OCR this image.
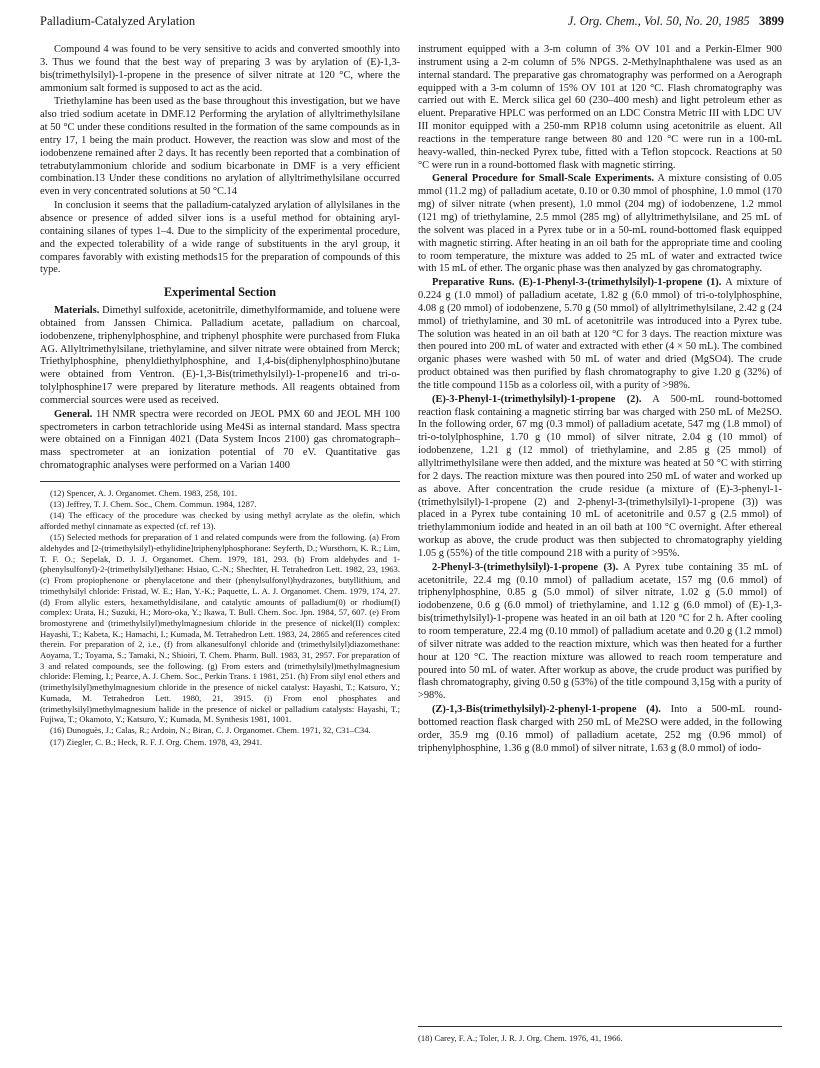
Palladium-Catalyzed Arylation	J. Org. Chem., Vol. 50, No. 20, 1985 3899

Compound 4 was found to be very sensitive to acids and converted smoothly into 3. Thus we found that the best way of preparing 3 was by arylation of (E)-1,3-bis(trimethylsilyl)-1-propene in the presence of silver nitrate at 120 °C, where the ammonium salt formed is supposed to act as the acid.

Triethylamine has been used as the base throughout this investigation, but we have also tried sodium acetate in DMF.12 Performing the arylation of allyltrimethylsilane at 50 °C under these conditions resulted in the formation of the same compounds as in entry 17, 1 being the main product. However, the reaction was slow and most of the iodobenzene remained after 2 days. It has recently been reported that a combination of tetrabutylammonium chloride and sodium bicarbonate in DMF is a very efficient combination.13 Under these conditions no arylation of allyltrimethylsilane occurred even in very concentrated solutions at 50 °C.14

In conclusion it seems that the palladium-catalyzed arylation of allylsilanes in the absence or presence of added silver ions is a useful method for obtaining aryl-containing silanes of types 1–4. Due to the simplicity of the experimental procedure, and the expected tolerability of a wide range of substituents in the aryl group, it compares favorably with existing methods15 for the preparation of compounds of this type.

Experimental Section

Materials. Dimethyl sulfoxide, acetonitrile, dimethylformamide, and toluene were obtained from Janssen Chimica. Palladium acetate, palladium on charcoal, iodobenzene, triphenylphosphine, and triphenyl phosphite were purchased from Fluka AG. Allyltrimethylsilane, triethylamine, and silver nitrate were obtained from Merck; Triethylphosphine, phenyldiethylphosphine, and 1,4-bis(diphenylphosphino)butane were obtained from Ventron. (E)-1,3-Bis(trimethylsilyl)-1-propene16 and tri-o-tolylphosphine17 were prepared by literature methods. All reagents obtained from commercial sources were used as received.

General. 1H NMR spectra were recorded on JEOL PMX 60 and JEOL MH 100 spectrometers in carbon tetrachloride using Me4Si as internal standard. Mass spectra were obtained on a Finnigan 4021 (Data System Incos 2100) gas chromatograph–mass spectrometer at an ionization potential of 70 eV. Quantitative gas chromatographic analyses were performed on a Varian 1400

(12) Spencer, A. J. Organomet. Chem. 1983, 258, 101.

(13) Jeffrey, T. J. Chem. Soc., Chem. Commun. 1984, 1287.

(14) The efficacy of the procedure was checked by using methyl acrylate as the olefin, which afforded methyl cinnamate as expected (cf. ref 13).

(15) Selected methods for preparation of 1 and related compunds were from the following. (a) From aldehydes and [2-(trimethylsilyl)-ethylidine]triphenylphosphorane: Seyferth, D.; Wursthorn, K. R.; Lim, T. F. O.; Sepelak, D. J. J. Organomet. Chem. 1979, 181, 293. (b) From aldehydes and 1-(phenylsulfonyl)-2-(trimethylsilyl)ethane: Hsiao, C.-N.; Shechter, H. Tetrahedron Lett. 1982, 23, 1963. (c) From propiophenone or phenylacetone and their (phenylsulfonyl)hydrazones, butyllithium, and trimethylsilyl chloride: Fristad, W. E.; Han, Y.-K.; Paquette, L. A. J. Organomet. Chem. 1979, 174, 27. (d) From allylic esters, hexamethyldisilane, and catalytic amounts of palladium(0) or rhodium(I) complex: Urata, H.; Suzuki, H.; Moro-oka, Y.; Ikawa, T. Bull. Chem. Soc. Jpn. 1984, 57, 607. (e) From bromostyrene and (trimethylsilyl)methylmagnesium chloride in the presence of nickel(II) complex: Hayashi, T.; Kabeta, K.; Hamachi, I.; Kumada, M. Tetrahedron Lett. 1983, 24, 2865 and references cited therein. For preparation of 2, i.e., (f) from alkanesulfonyl chloride and (trimethylsilyl)diazomethane: Aoyama, T.; Toyama, S.; Tamaki, N.; Shioiri, T. Chem. Pharm. Bull. 1983, 31, 2957. For preparation of 3 and related compounds, see the following. (g) From esters and (trimethylsilyl)methylmagnesium chloride: Fleming, I.; Pearce, A. J. Chem. Soc., Perkin Trans. 1 1981, 251. (h) From silyl enol ethers and (trimethylsilyl)methylmagnesium chloride in the presence of nickel catalyst: Hayashi, T.; Katsuro, Y.; Kumada, M. Tetrahedron Lett. 1980, 21, 3915. (i) From enol phosphates and (trimethylsilyl)methylmagnesium halide in the presence of nickel or palladium catalysts: Hayashi, T.; Fujiwa, T.; Okamoto, Y.; Katsuro, Y.; Kumada, M. Synthesis 1981, 1001.

(16) Dunoguès, J.; Calas, R.; Ardoin, N.; Biran, C. J. Organomet. Chem. 1971, 32, C31–C34.

(17) Ziegler, C. B.; Heck, R. F. J. Org. Chem. 1978, 43, 2941.

instrument equipped with a 3-m column of 3% OV 101 and a Perkin-Elmer 900 instrument using a 2-m column of 5% NPGS. 2-Methylnaphthalene was used as an internal standard. The preparative gas chromatography was performed on a Aerograph equipped with a 3-m column of 15% OV 101 at 120 °C. Flash chromatography was carried out with E. Merck silica gel 60 (230–400 mesh) and light petroleum ether as eluent. Preparative HPLC was performed on an LDC Constra Metric III with LDC UV III monitor equipped with a 250-mm RP18 column using acetonitrile as eluent. All reactions in the temperature range between 80 and 120 °C were run in a 100-mL heavy-walled, thin-necked Pyrex tube, fitted with a Teflon stopcock. Reactions at 50 °C were run in a round-bottomed flask with magnetic stirring.

General Procedure for Small-Scale Experiments. A mixture consisting of 0.05 mmol (11.2 mg) of palladium acetate, 0.10 or 0.30 mmol of phosphine, 1.0 mmol (170 mg) of silver nitrate (when present), 1.0 mmol (204 mg) of iodobenzene, 1.2 mmol (121 mg) of triethylamine, 2.5 mmol (285 mg) of allyltrimethylsilane, and 25 mL of the solvent was placed in a Pyrex tube or in a 50-mL round-bottomed flask equipped with magnetic stirring. After heating in an oil bath for the appropriate time and cooling to room temperature, the mixture was added to 25 mL of water and extracted twice with 15 mL of ether. The organic phase was then analyzed by gas chromatography.

Preparative Runs. (E)-1-Phenyl-3-(trimethylsilyl)-1-propene (1). A mixture of 0.224 g (1.0 mmol) of palladium acetate, 1.82 g (6.0 mmol) of tri-o-tolylphosphine, 4.08 g (20 mmol) of iodobenzene, 5.70 g (50 mmol) of allyltrimethylsilane, 2.42 g (24 mmol) of triethylamine, and 30 mL of acetonitrile was introduced into a Pyrex tube. The solution was heated in an oil bath at 120 °C for 3 days. The reaction mixture was then poured into 200 mL of water and extracted with ether (4 × 50 mL). The combined organic phases were washed with 50 mL of water and dried (MgSO4). The crude product obtained was then purified by flash chromatography to give 1.20 g (32%) of the title compound 115b as a colorless oil, with a purity of >98%.

(E)-3-Phenyl-1-(trimethylsilyl)-1-propene (2). A 500-mL round-bottomed reaction flask containing a magnetic stirring bar was charged with 250 mL of Me2SO. In the following order, 67 mg (0.3 mmol) of palladium acetate, 547 mg (1.8 mmol) of tri-o-tolylphosphine, 1.70 g (10 mmol) of silver nitrate, 2.04 g (10 mmol) of iodobenzene, 1.21 g (12 mmol) of triethylamine, and 2.85 g (25 mmol) of allyltrimethylsilane were then added, and the mixture was heated at 50 °C with stirring for 2 days. The reaction mixture was then poured into 250 mL of water and worked up as above. After concentration the crude residue (a mixture of (E)-3-phenyl-1-(trimethylsilyl)-1-propene (2) and 2-phenyl-3-(trimethylsilyl)-1-propene (3)) was placed in a Pyrex tube containing 10 mL of acetonitrile and 0.57 g (2.5 mmol) of triethylammonium iodide and heated in an oil bath at 100 °C overnight. After ethereal workup as above, the crude product was then subjected to chromatography yielding 1.05 g (55%) of the title compound 218 with a purity of >95%.

2-Phenyl-3-(trimethylsilyl)-1-propene (3). A Pyrex tube containing 35 mL of acetonitrile, 22.4 mg (0.10 mmol) of palladium acetate, 157 mg (0.6 mmol) of triphenylphosphine, 0.85 g (5.0 mmol) of silver nitrate, 1.02 g (5.0 mmol) of iodobenzene, 0.6 g (6.0 mmol) of triethylamine, and 1.12 g (6.0 mmol) of (E)-1,3-bis(trimethylsilyl)-1-propene was heated in an oil bath at 120 °C for 2 h. After cooling to room temperature, 22.4 mg (0.10 mmol) of palladium acetate and 0.20 g (1.2 mmol) of silver nitrate was added to the reaction mixture, which was then heated for a further hour at 120 °C. The reaction mixture was allowed to reach room temperature and poured into 50 mL of water. After workup as above, the crude product was purified by flash chromatography, giving 0.50 g (53%) of the title compound 3,15g with a purity of >98%.

(Z)-1,3-Bis(trimethylsilyl)-2-phenyl-1-propene (4). Into a 500-mL round-bottomed reaction flask charged with 250 mL of Me2SO were added, in the following order, 35.9 mg (0.16 mmol) of palladium acetate, 252 mg (0.96 mmol) of triphenylphosphine, 1.36 g (8.0 mmol) of silver nitrate, 1.63 g (8.0 mmol) of iodo-

(18) Carey, F. A.; Toler, J. R. J. Org. Chem. 1976, 41, 1966.
